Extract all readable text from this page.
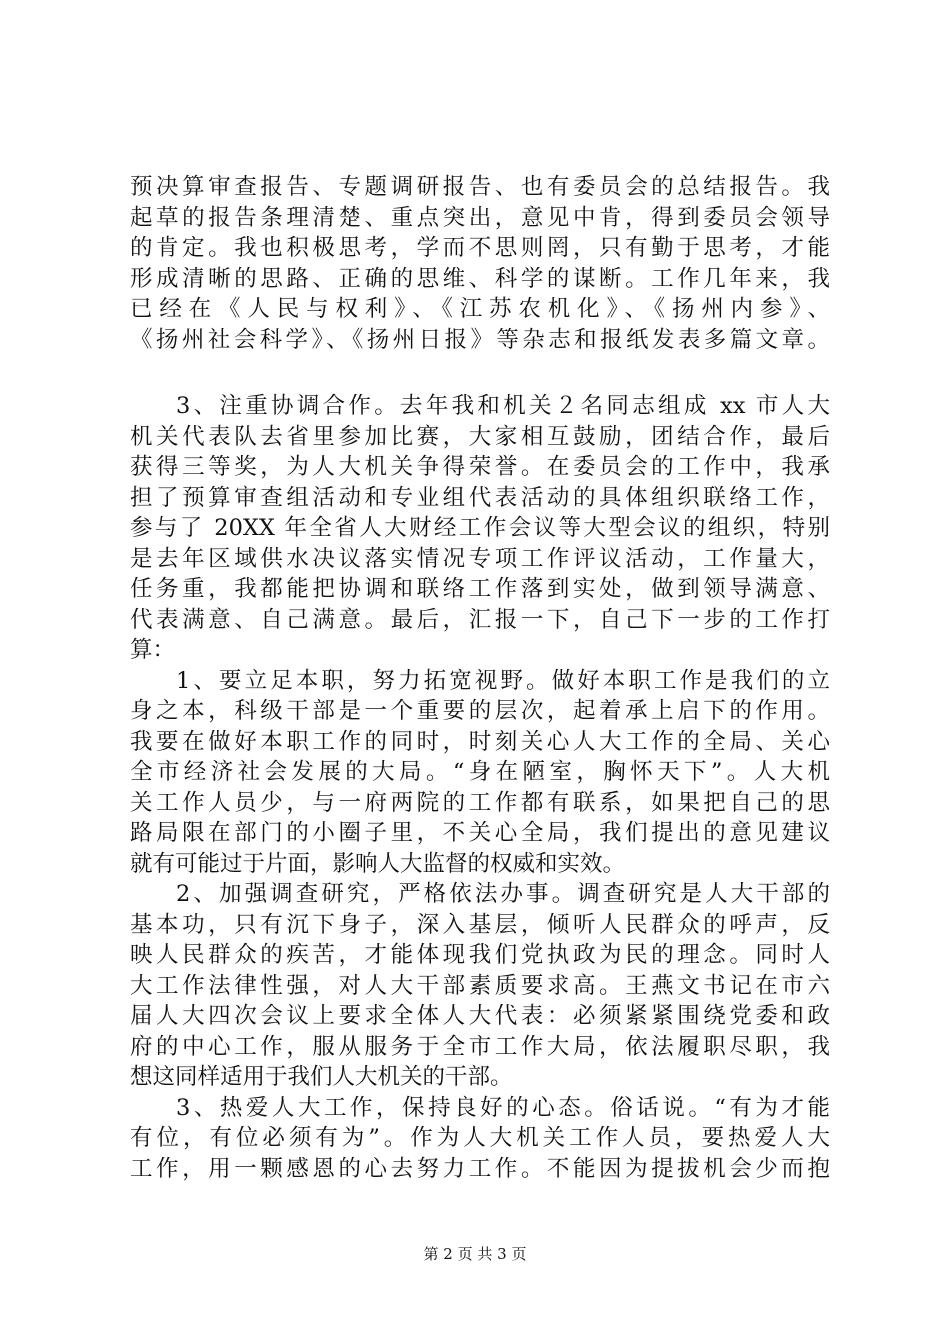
预决算审查报告、专题调研报告、也有委员会的总结报告。我
起草的报告条理清楚、重点突出，意见中肯，得到委员会领导
的肯定。我也积极思考，学而不思则罔，只有勤于思考，才能
形成清晰的思路、正确的思维、科学的谋断。工作几年来，我
已经在《人民与权利》、《江苏农机化》、《扬州内参》、
《扬州社会科学》、《扬州日报》等杂志和报纸发表多篇文章。
3、注重协调合作。去年我和机关２名同志组成 xx 市人大
机关代表队去省里参加比赛，大家相互鼓励，团结合作，最后
获得三等奖，为人大机关争得荣誉。在委员会的工作中，我承
担了预算审查组活动和专业组代表活动的具体组织联络工作，
参与了 20XX 年全省人大财经工作会议等大型会议的组织，特别
是去年区域供水决议落实情况专项工作评议活动，工作量大，
任务重，我都能把协调和联络工作落到实处，做到领导满意、
代表满意、自己满意。最后，汇报一下，自己下一步的工作打
算：
1、要立足本职，努力拓宽视野。做好本职工作是我们的立
身之本，科级干部是一个重要的层次，起着承上启下的作用。
我要在做好本职工作的同时，时刻关心人大工作的全局、关心
全市经济社会发展的大局。“身在陋室，胸怀天下”。人大机
关工作人员少，与一府两院的工作都有联系，如果把自己的思
路局限在部门的小圈子里，不关心全局，我们提出的意见建议
就有可能过于片面，影响人大监督的权威和实效。
2、加强调查研究，严格依法办事。调查研究是人大干部的
基本功，只有沉下身子，深入基层，倾听人民群众的呼声，反
映人民群众的疾苦，才能体现我们党执政为民的理念。同时人
大工作法律性强，对人大干部素质要求高。王燕文书记在市六
届人大四次会议上要求全体人大代表：必须紧紧围绕党委和政
府的中心工作，服从服务于全市工作大局，依法履职尽职，我
想这同样适用于我们人大机关的干部。
3、热爱人大工作，保持良好的心态。俗话说。“有为才能
有位，有位必须有为”。作为人大机关工作人员，要热爱人大
工作，用一颗感恩的心去努力工作。不能因为提拔机会少而抱
第 2 页 共 3 页
